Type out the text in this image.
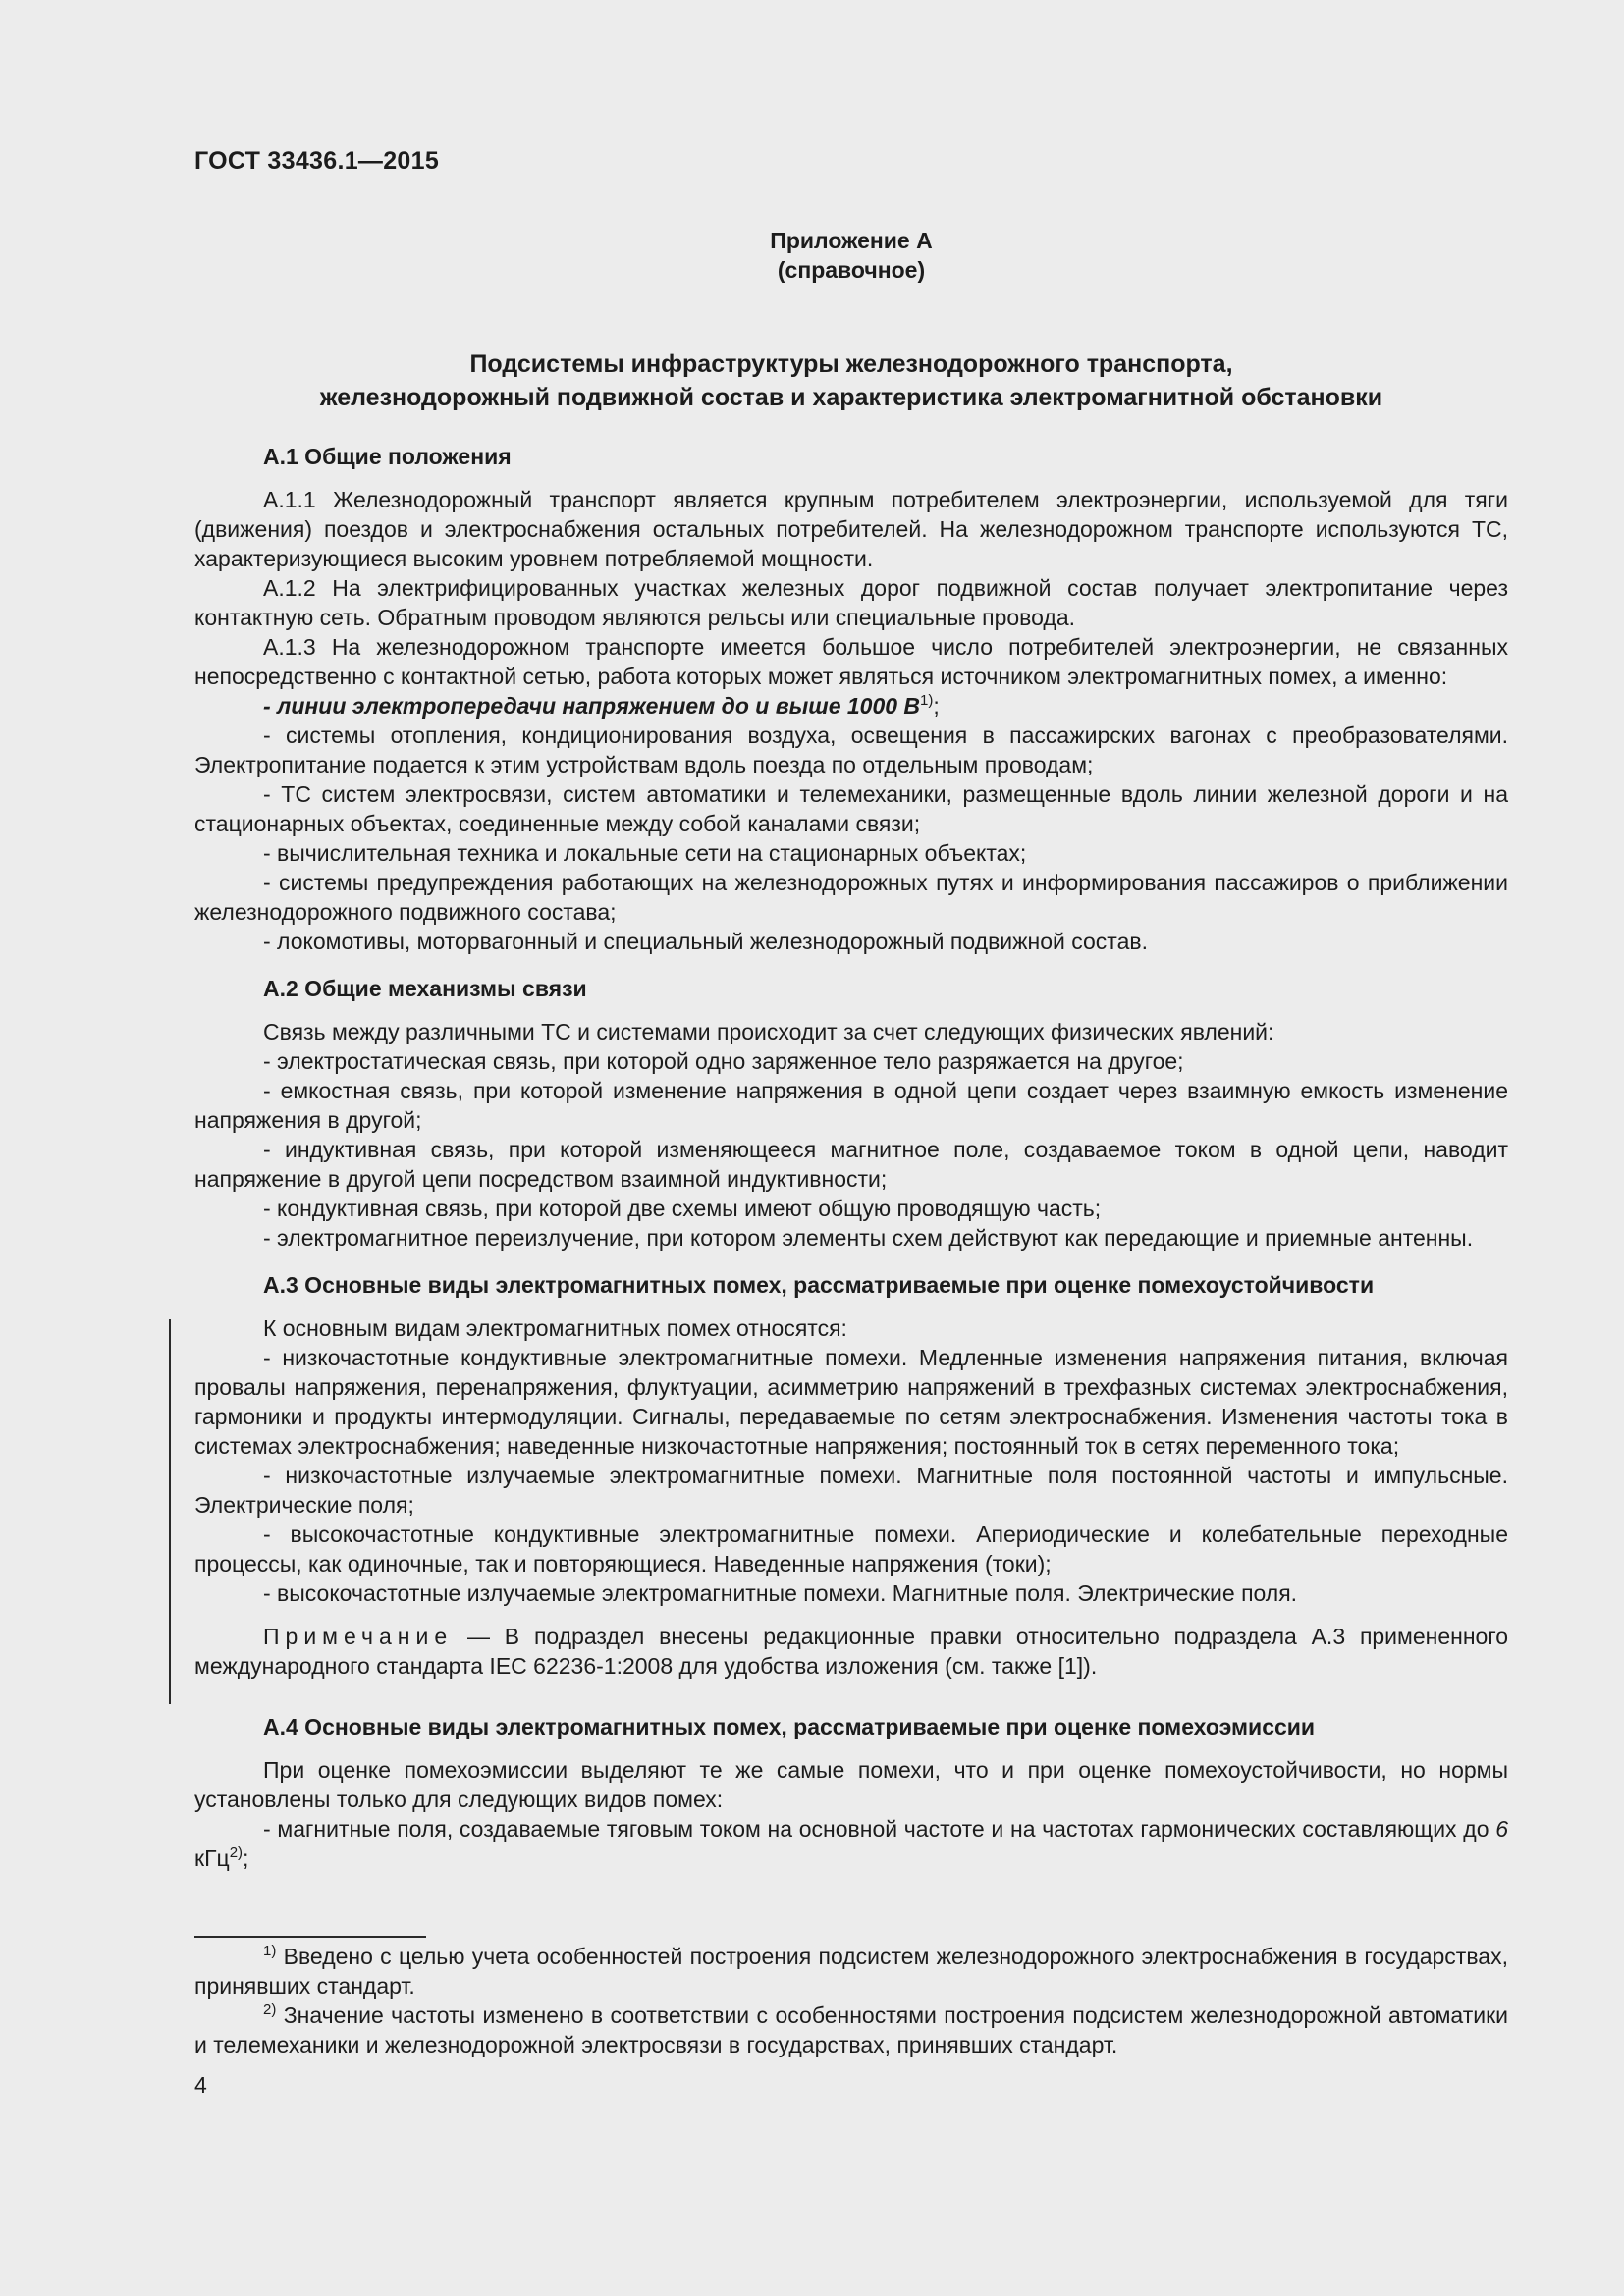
ГОСТ 33436.1—2015
Приложение А
(справочное)
Подсистемы инфраструктуры железнодорожного транспорта,
железнодорожный подвижной состав и характеристика электромагнитной обстановки
А.1 Общие положения

А.1.1 Железнодорожный транспорт является крупным потребителем электроэнергии, используемой для тяги (движения) поездов и электроснабжения остальных потребителей. На железнодорожном транспорте используются ТС, характеризующиеся высоким уровнем потребляемой мощности.

А.1.2 На электрифицированных участках железных дорог подвижной состав получает электропитание через контактную сеть. Обратным проводом являются рельсы или специальные провода.

А.1.3 На железнодорожном транспорте имеется большое число потребителей электроэнергии, не связанных непосредственно с контактной сетью, работа которых может являться источником электромагнитных помех, а именно:

- линии электропередачи напряжением до и выше 1000 $В^{1)}$;

- системы отопления, кондиционирования воздуха, освещения в пассажирских вагонах с преобразователями. Электропитание подается к этим устройствам вдоль поезда по отдельным проводам;

- ТС систем электросвязи, систем автоматики и телемеханики, размещенные вдоль линии железной дороги и на стационарных объектах, соединенные между собой каналами связи;

- вычислительная техника и локальные сети на стационарных объектах;

- системы предупреждения работающих на железнодорожных путях и информирования пассажиров о приближении железнодорожного подвижного состава;

- локомотивы, моторвагонный и специальный железнодорожный подвижной состав.

А.2 Общие механизмы связи

Связь между различными ТС и системами происходит за счет следующих физических явлений:

- электростатическая связь, при которой одно заряженное тело разряжается на другое;

- емкостная связь, при которой изменение напряжения в одной цепи создает через взаимную емкость изменение напряжения в другой;

- индуктивная связь, при которой изменяющееся магнитное поле, создаваемое током в одной цепи, наводит напряжение в другой цепи посредством взаимной индуктивности;

- кондуктивная связь, при которой две схемы имеют общую проводящую часть;

- электромагнитное переизлучение, при котором элементы схем действуют как передающие и приемные антенны.

А.3 Основные виды электромагнитных помех, рассматриваемые при оценке помехоустойчивости

К основным видам электромагнитных помех относятся:

- низкочастотные кондуктивные электромагнитные помехи. Медленные изменения напряжения питания, включая провалы напряжения, перенапряжения, флуктуации, асимметрию напряжений в трехфазных системах электроснабжения, гармоники и продукты интермодуляции. Сигналы, передаваемые по сетям электроснабжения. Изменения частоты тока в системах электроснабжения; наведенные низкочастотные напряжения; постоянный ток в сетях переменного тока;

- низкочастотные излучаемые электромагнитные помехи. Магнитные поля постоянной частоты и импульсные. Электрические поля;

- высокочастотные кондуктивные электромагнитные помехи. Апериодические и колебательные переходные процессы, как одиночные, так и повторяющиеся. Наведенные напряжения (токи);

- высокочастотные излучаемые электромагнитные помехи. Магнитные поля. Электрические поля.

Примечание — В подраздел внесены редакционные правки относительно подраздела А.3 примененного международного стандарта IEC 62236-1:2008 для удобства изложения (см. также [1]).

А.4 Основные виды электромагнитных помех, рассматриваемые при оценке помехоэмиссии

При оценке помехоэмиссии выделяют те же самые помехи, что и при оценке помехоустойчивости, но нормы установлены только для следующих видов помех:

- магнитные поля, создаваемые тяговым током на основной частоте и на частотах гармонических составляющих до 6 кГц$^{2)}$;

$^{1)}$ Введено с целью учета особенностей построения подсистем железнодорожного электроснабжения в государствах, принявших стандарт.

$^{2)}$ Значение частоты изменено в соответствии с особенностями построения подсистем железнодорожной автоматики и телемеханики и железнодорожной электросвязи в государствах, принявших стандарт.

4
